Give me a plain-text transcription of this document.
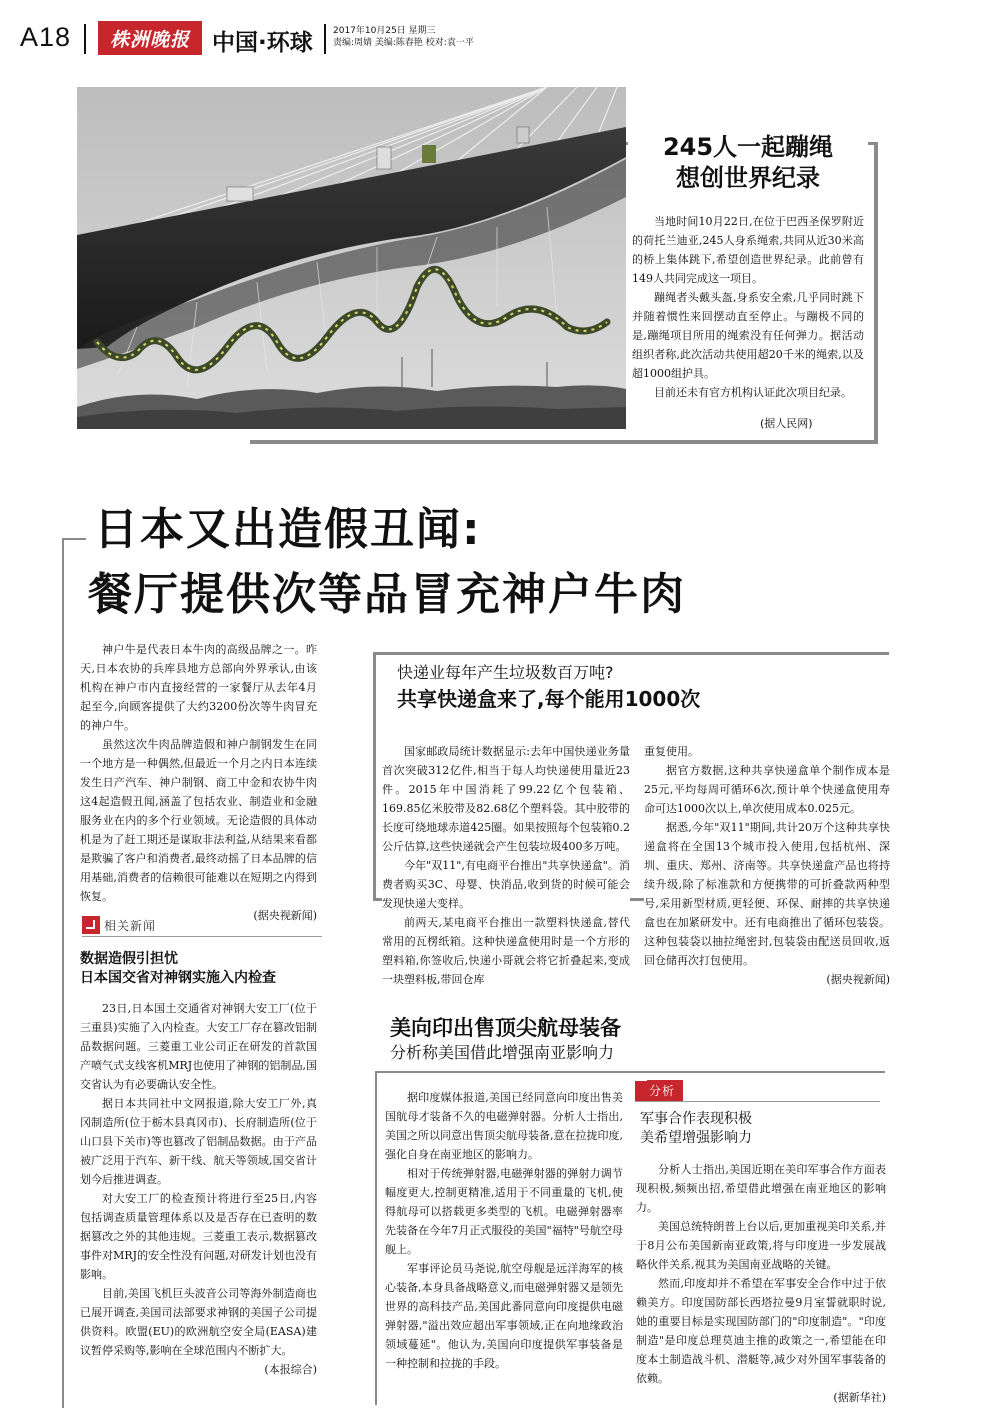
A18	株洲晚报 中国·环球 2017年10月25日 星期三
责编:周婧 美编:陈春艳 校对:袁一平
245人一起蹦绳
想创世界纪录

当地时间10月22日,在位于巴西圣保罗附近的荷托兰迪亚,245人身系绳索,共同从近30米高的桥上集体跳下,希望创造世界纪录。此前曾有149人共同完成这一项目。

蹦绳者头戴头盔,身系安全索,几乎同时跳下并随着惯性来回摆动直至停止。与蹦极不同的是,蹦绳项目所用的绳索没有任何弹力。据活动组织者称,此次活动共使用超20千米的绳索,以及超1000组护具。

目前还未有官方机构认证此次项目纪录。

(据人民网)
日本又出造假丑闻:
餐厅提供次等品冒充神户牛肉

神户牛是代表日本牛肉的高级品牌之一。昨天,日本农协的兵库县地方总部向外界承认,由该机构在神户市内直接经营的一家餐厅从去年4月起至今,向顾客提供了大约3200份次等牛肉冒充的神户牛。

虽然这次牛肉品牌造假和神户制钢发生在同一个地方是一种偶然,但最近一个月之内日本连续发生日产汽车、神户制钢、商工中金和农协牛肉这4起造假丑闻,涵盖了包括农业、制造业和金融服务业在内的多个行业领域。无论造假的具体动机是为了赶工期还是谋取非法利益,从结果来看都是欺骗了客户和消费者,最终动摇了日本品牌的信用基础,消费者的信赖很可能难以在短期之内得到恢复。

(据央视新闻)
相关新闻
数据造假引担忧
日本国交省对神钢实施入内检查

23日,日本国土交通省对神钢大安工厂(位于三重县)实施了入内检查。大安工厂存在篡改铝制品数据问题。三菱重工业公司正在研发的首款国产喷气式支线客机MRJ也使用了神钢的铝制品,国交省认为有必要确认安全性。

据日本共同社中文网报道,除大安工厂外,真冈制造所(位于栃木县真冈市)、长府制造所(位于山口县下关市)等也篡改了铝制品数据。由于产品被广泛用于汽车、新干线、航天等领域,国交省计划今后推进调查。

对大安工厂的检查预计将进行至25日,内容包括调查质量管理体系以及是否存在已查明的数据篡改之外的其他违规。三菱重工表示,数据篡改事件对MRJ的安全性没有问题,对研发计划也没有影响。

目前,美国飞机巨头波音公司等海外制造商也已展开调查,美国司法部要求神钢的美国子公司提供资料。欧盟(EU)的欧洲航空安全局(EASA)建议暂停采购等,影响在全球范围内不断扩大。

(本报综合)
快递业每年产生垃圾数百万吨?
共享快递盒来了,每个能用1000次

国家邮政局统计数据显示:去年中国快递业务量首次突破312亿件,相当于每人均快递使用量近23件。2015年中国消耗了99.22亿个包装箱、169.85亿米胶带及82.68亿个塑料袋。其中胶带的长度可绕地球赤道425圈。如果按照每个包装箱0.2公斤估算,这些快递就会产生包装垃圾400多万吨。

今年"双11",有电商平台推出"共享快递盒"。消费者购买3C、母婴、快消品,收到货的时候可能会发现快递大变样。

前两天,某电商平台推出一款塑料快递盒,替代常用的瓦楞纸箱。这种快递盒使用时是一个方形的塑料箱,你签收后,快递小哥就会将它折叠起来,变成一块塑料板,带回仓库

重复使用。

据官方数据,这种共享快递盒单个制作成本是25元,平均每周可循环6次,预计单个快递盒使用寿命可达1000次以上,单次使用成本0.025元。

据悉,今年"双11"期间,共计20万个这种共享快递盒将在全国13个城市投入使用,包括杭州、深圳、重庆、郑州、济南等。共享快递盒产品也将持续升级,除了标准款和方便携带的可折叠款两种型号,采用新型材质,更轻便、环保、耐摔的共享快递盒也在加紧研发中。还有电商推出了循环包装袋。这种包装袋以抽拉绳密封,包装袋由配送员回收,返回仓储再次打包使用。

(据央视新闻)
美向印出售顶尖航母装备
分析称美国借此增强南亚影响力

据印度媒体报道,美国已经同意向印度出售美国航母才装备不久的电磁弹射器。分析人士指出,美国之所以同意出售顶尖航母装备,意在拉拢印度,强化自身在南亚地区的影响力。

相对于传统弹射器,电磁弹射器的弹射力调节幅度更大,控制更精准,适用于不同重量的飞机,使得航母可以搭载更多类型的飞机。电磁弹射器率先装备在今年7月正式服役的美国"福特"号航空母舰上。

军事评论员马尧说,航空母舰是远洋海军的核心装备,本身具备战略意义,而电磁弹射器又是领先世界的高科技产品,美国此番同意向印度提供电磁弹射器,"溢出效应超出军事领域,正在向地缘政治领域蔓延"。他认为,美国向印度提供军事装备是一种控制和拉拢的手段。

分析
军事合作表现积极
美希望增强影响力

分析人士指出,美国近期在美印军事合作方面表现积极,频频出招,希望借此增强在南亚地区的影响力。

美国总统特朗普上台以后,更加重视美印关系,并于8月公布美国新南亚政策,将与印度进一步发展战略伙伴关系,视其为美国南亚战略的关键。

然而,印度却并不希望在军事安全合作中过于依赖美方。印度国防部长西塔拉曼9月室誓就职时说,她的重要目标是实现国防部门的"印度制造"。"印度制造"是印度总理莫迪主推的政策之一,希望能在印度本土制造战斗机、潜艇等,减少对外国军事装备的依赖。

(据新华社)
